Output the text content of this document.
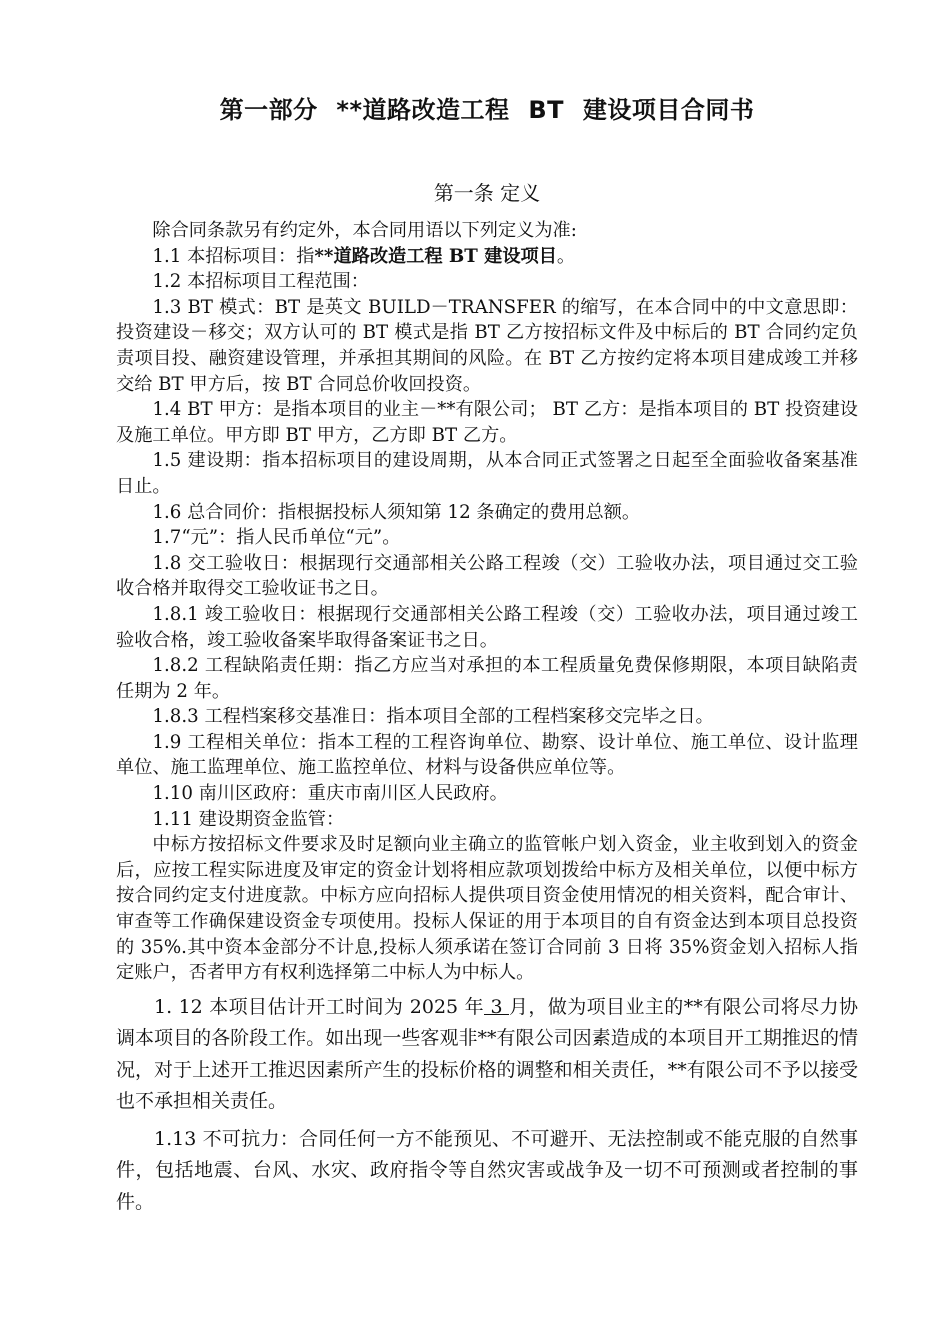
第一部分 **道路改造工程 BT 建设项目合同书
第一条 定义

除合同条款另有约定外，本合同用语以下列定义为准:

1.1 本招标项目：指**道路改造工程 BT 建设项目。

1.2 本招标项目工程范围：

1.3 BT 模式：BT 是英文 BUILD－TRANSFER 的缩写，在本合同中的中文意思即：投资建设－移交；双方认可的 BT 模式是指 BT 乙方按招标文件及中标后的 BT 合同约定负责项目投、融资建设管理，并承担其期间的风险。在 BT 乙方按约定将本项目建成竣工并移交给 BT 甲方后，按 BT 合同总价收回投资。

1.4 BT 甲方：是指本项目的业主－**有限公司； BT 乙方：是指本项目的 BT 投资建设及施工单位。甲方即 BT 甲方，乙方即 BT 乙方。

1.5 建设期：指本招标项目的建设周期，从本合同正式签署之日起至全面验收备案基准日止。

1.6 总合同价：指根据投标人须知第 12 条确定的费用总额。

1.7“元”：指人民币单位“元”。

1.8 交工验收日：根据现行交通部相关公路工程竣（交）工验收办法，项目通过交工验收合格并取得交工验收证书之日。

1.8.1 竣工验收日：根据现行交通部相关公路工程竣（交）工验收办法，项目通过竣工验收合格，竣工验收备案毕取得备案证书之日。

1.8.2 工程缺陷责任期：指乙方应当对承担的本工程质量免费保修期限，本项目缺陷责任期为 2 年。

1.8.3 工程档案移交基准日：指本项目全部的工程档案移交完毕之日。

1.9 工程相关单位：指本工程的工程咨询单位、勘察、设计单位、施工单位、设计监理单位、施工监理单位、施工监控单位、材料与设备供应单位等。

1.10 南川区政府：重庆市南川区人民政府。

1.11 建设期资金监管：

中标方按招标文件要求及时足额向业主确立的监管帐户划入资金，业主收到划入的资金后，应按工程实际进度及审定的资金计划将相应款项划拨给中标方及相关单位，以便中标方按合同约定支付进度款。中标方应向招标人提供项目资金使用情况的相关资料，配合审计、审查等工作确保建设资金专项使用。投标人保证的用于本项目的自有资金达到本项目总投资的 35%.其中资本金部分不计息,投标人须承诺在签订合同前 3 日将 35%资金划入招标人指定账户，否者甲方有权利选择第二中标人为中标人。

1. 12 本项目估计开工时间为 2025 年 3 月，做为项目业主的**有限公司将尽力协调本项目的各阶段工作。如出现一些客观非**有限公司因素造成的本项目开工期推迟的情况，对于上述开工推迟因素所产生的投标价格的调整和相关责任，**有限公司不予以接受也不承担相关责任。

1.13 不可抗力：合同任何一方不能预见、不可避开、无法控制或不能克服的自然事件，包括地震、台风、水灾、政府指令等自然灾害或战争及一切不可预测或者控制的事件。
